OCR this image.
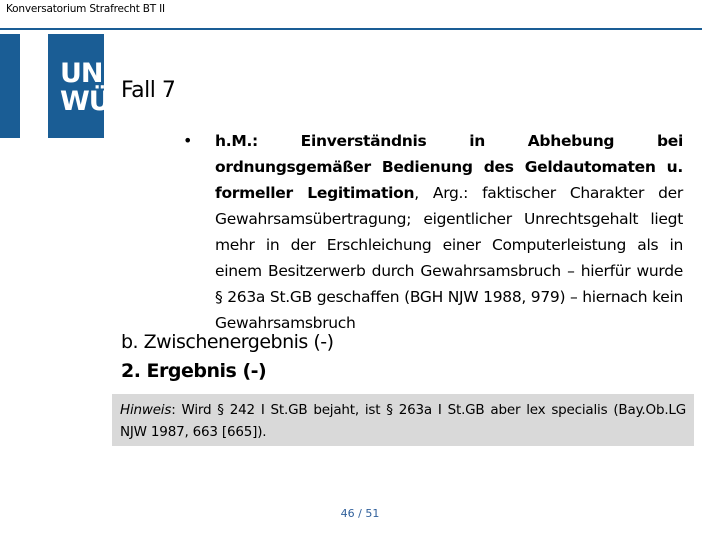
Konversatorium Strafrecht BT II
UNI
WÜ Fall 7
• h.M.: Einverständnis in Abhebung bei ordnungsgemäßer Bedienung des Geldautomaten u. formeller Legitimation, Arg.: faktischer Charakter der Gewahrsamsübertragung; eigentlicher Unrechtsgehalt liegt mehr in der Erschleichung einer Computerleistung als in einem Besitzerwerb durch Gewahrsamsbruch – hierfür wurde § 263a St.GB geschaffen (BGH NJW 1988, 979) – hiernach kein Gewahrsamsbruch
b. Zwischenergebnis (-)
2. Ergebnis (-)
Hinweis: Wird § 242 I St.GB bejaht, ist § 263a I St.GB aber lex specialis (Bay.Ob.LG NJW 1987, 663 [665]).
46 / 51
